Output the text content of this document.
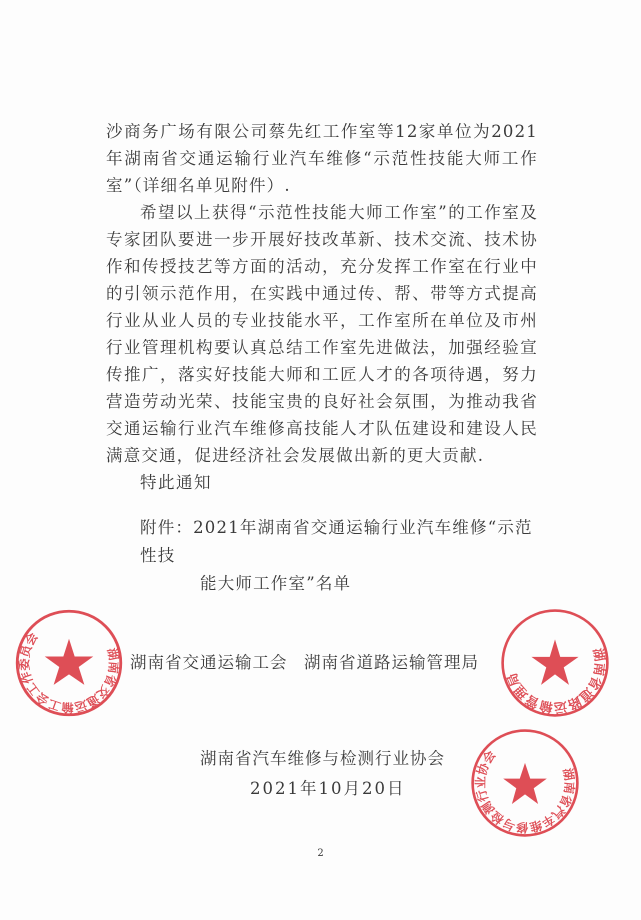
沙商务广场有限公司蔡先红工作室等12家单位为2021年湖南省交通运输行业汽车维修“示范性技能大师工作室”（详细名单见附件）.

希望以上获得“示范性技能大师工作室”的工作室及专家团队要进一步开展好技改革新、技术交流、技术协作和传授技艺等方面的活动，充分发挥工作室在行业中的引领示范作用，在实践中通过传、帮、带等方式提高行业从业人员的专业技能水平，工作室所在单位及市州行业管理机构要认真总结工作室先进做法，加强经验宣传推广，落实好技能大师和工匠人才的各项待遇，努力营造劳动光荣、技能宝贵的良好社会氛围，为推动我省交通运输行业汽车维修高技能人才队伍建设和建设人民满意交通，促进经济社会发展做出新的更大贡献.

特此通知
附件：2021年湖南省交通运输行业汽车维修“示范性技
能大师工作室”名单
湖南省交通运输工会工作委员会
湖南省交通运输工会 湖南省道路运输管理局	湖南省道路运输管理局
湖南省汽车维修与检测行业协会
2021年10月20日
湖南省汽车维修与检测行业协会
2
